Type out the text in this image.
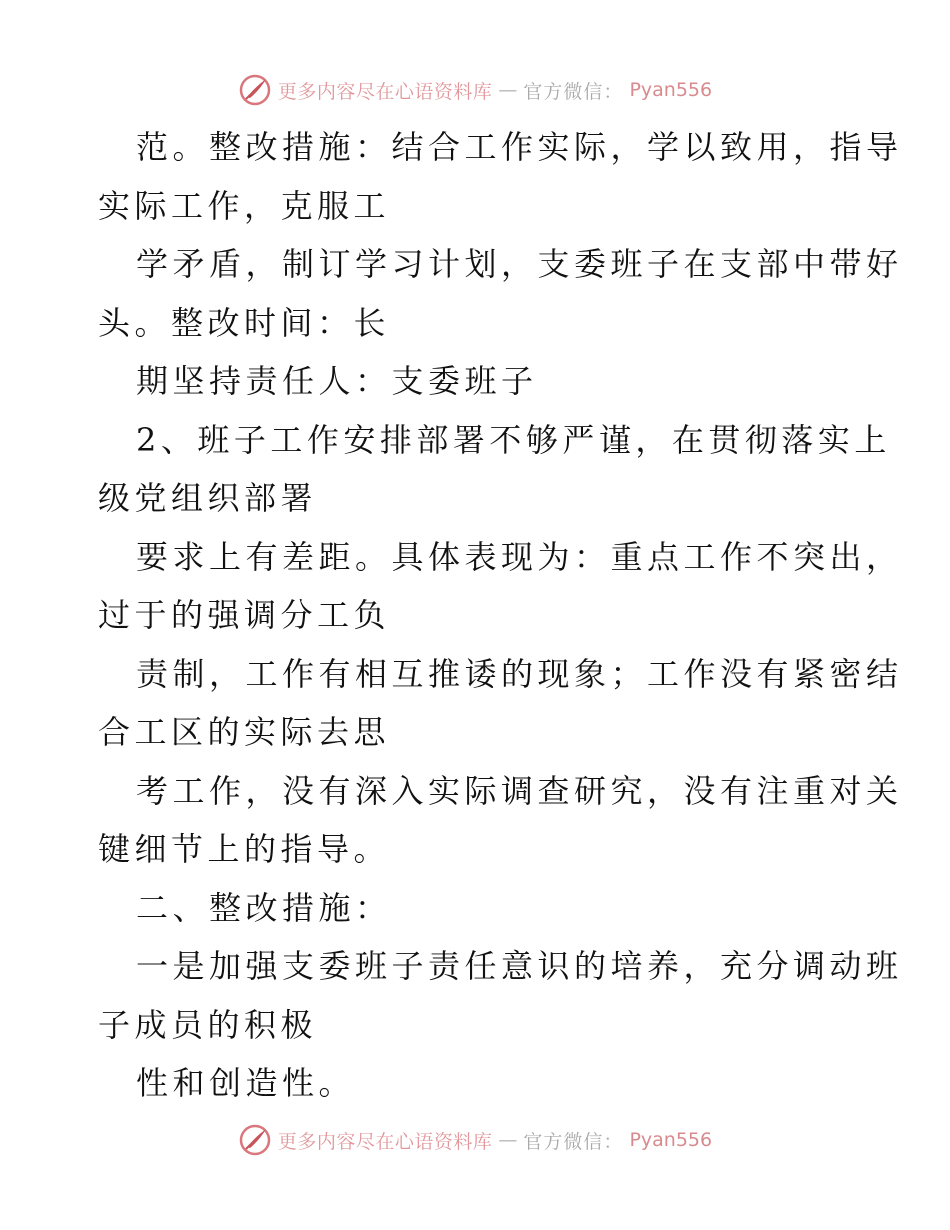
更多内容尽在心语资料库 — 官方微信： Pyan556
范。整改措施：结合工作实际，学以致用，指导
实际工作，克服工
学矛盾，制订学习计划，支委班子在支部中带好
头。整改时间：长
期坚持责任人：支委班子
2、班子工作安排部署不够严谨，在贯彻落实上
级党组织部署
要求上有差距。具体表现为：重点工作不突出，
过于的强调分工负
责制，工作有相互推诿的现象；工作没有紧密结
合工区的实际去思
考工作，没有深入实际调查研究，没有注重对关
键细节上的指导。
二、整改措施：
一是加强支委班子责任意识的培养，充分调动班
子成员的积极
性和创造性。
更多内容尽在心语资料库 — 官方微信： Pyan556
